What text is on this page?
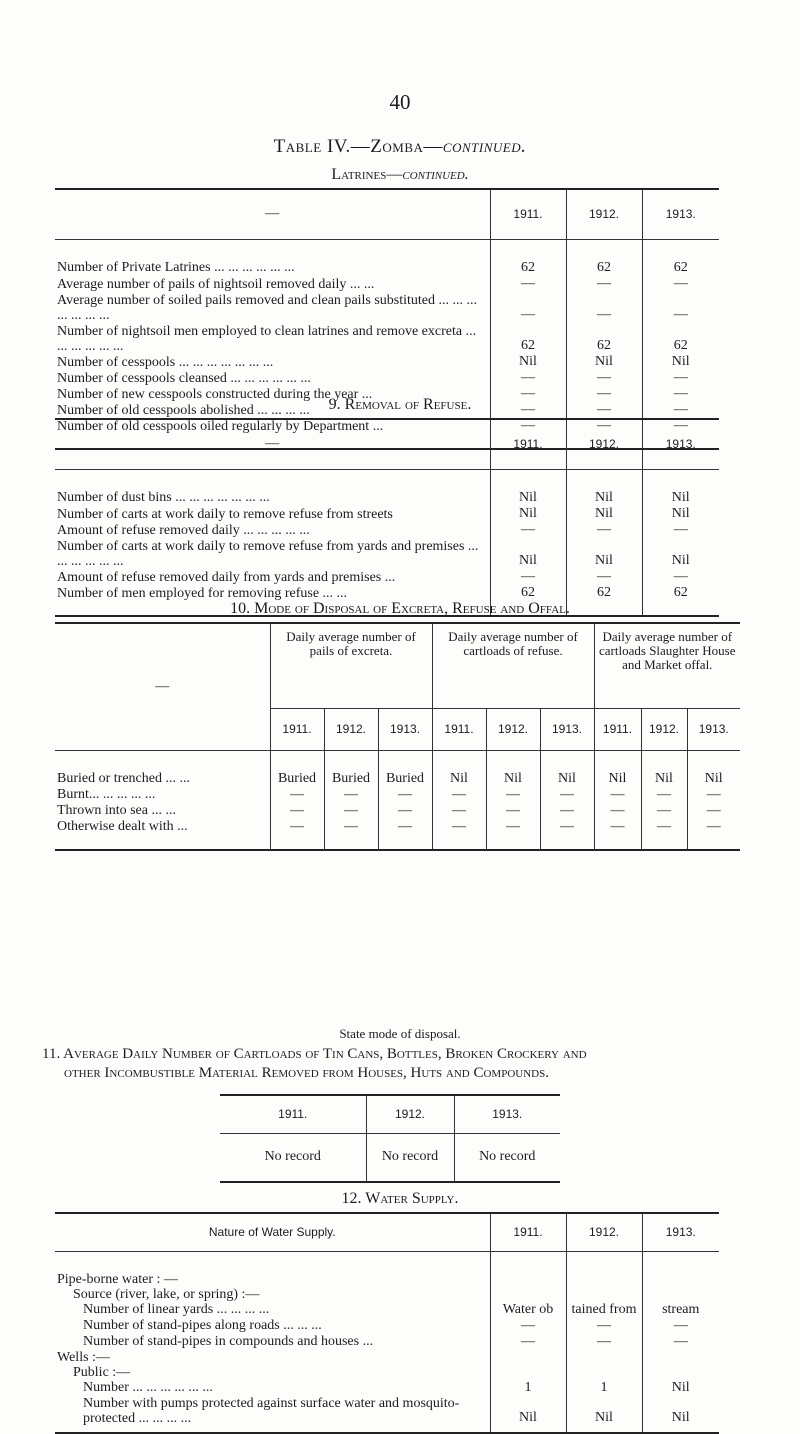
40
Table IV.—Zomba—continued.
Latrines—continued.
—	1911.	1912.	1913.
Number of Private Latrines ... ... ... ... ... ...	62	62	62
Average number of pails of nightsoil removed daily ... ...	—	—	—
Average number of soiled pails removed and clean pails substituted ... ... ... ... ... ... ...	—	—	—
Number of nightsoil men employed to clean latrines and remove excreta ... ... ... ... ... ...	62	62	62
Number of cesspools ... ... ... ... ... ... ...	Nil	Nil	Nil
Number of cesspools cleansed ... ... ... ... ... ...	—	—	—
Number of new cesspools constructed during the year ...	—	—	—
Number of old cesspools abolished ... ... ... ...	—	—	—
Number of old cesspools oiled regularly by Department ...	—	—	—
9. Removal of Refuse.
—	1911.	1912.	1913.
Number of dust bins ... ... ... ... ... ... ...	Nil	Nil	Nil
Number of carts at work daily to remove refuse from streets	Nil	Nil	Nil
Amount of refuse removed daily ... ... ... ... ...	—	—	—
Number of carts at work daily to remove refuse from yards and premises ... ... ... ... ... ...	Nil	Nil	Nil
Amount of refuse removed daily from yards and premises ...	—	—	—
Number of men employed for removing refuse ... ...	62	62	62
10. Mode of Disposal of Excreta, Refuse and Offal.
—	Daily average number of pails of excreta.			Daily average number of cartloads of refuse.			Daily average number of cartloads Slaughter House and Market offal.		
	1911.	1912.	1913.	1911.	1912.	1913.	1911.	1912.	1913.
Buried or trenched ... ...	Buried	Buried	Buried	Nil	Nil	Nil	Nil	Nil	Nil
Burnt... ... ... ... ...	—	—	—	—	—	—	—	—	—
Thrown into sea ... ...	—	—	—	—	—	—	—	—	—
Otherwise dealt with ...	—	—	—	—	—	—	—	—	—
State mode of disposal.
11. Average Daily Number of Cartloads of Tin Cans, Bottles, Broken Crockery and
other Incombustible Material Removed from Houses, Huts and Compounds.
1911.	1912.	1913.
No record	No record	No record
12. Water Supply.
Nature of Water Supply.	1911.	1912.	1913.
Pipe-borne water : —			
Source (river, lake, or spring) :—			
Number of linear yards ... ... ... ...	Water ob	tained from	stream
Number of stand-pipes along roads ... ... ...	—	—	—
Number of stand-pipes in compounds and houses ...	—	—	—
Wells :—			
Public :—			
Number ... ... ... ... ... ...	1	1	Nil
Number with pumps protected against surface water and mosquito-protected ... ... ... ...	Nil	Nil	Nil
